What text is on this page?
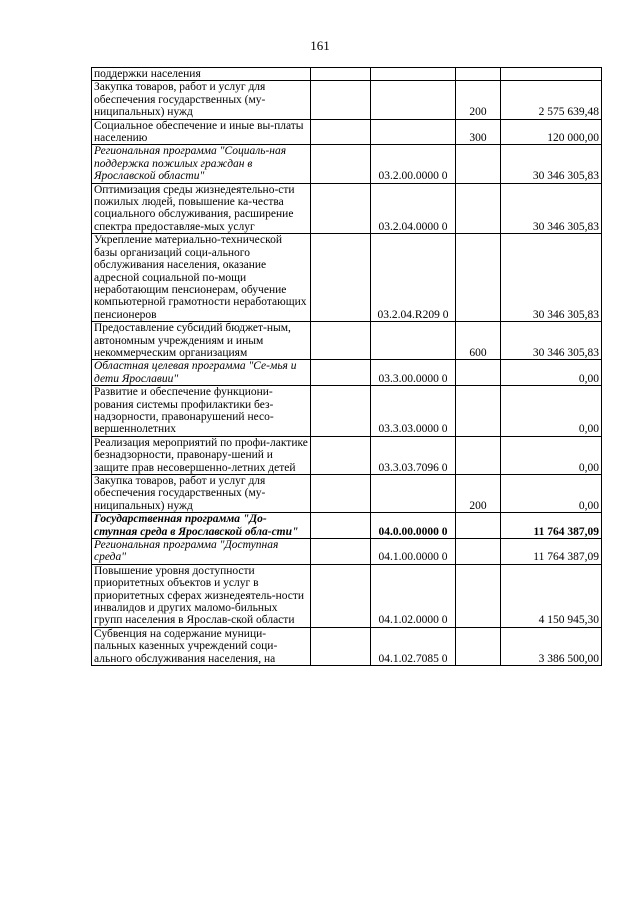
161
поддержки населения				
Закупка товаров, работ и услуг для обеспечения государственных (му-ниципальных) нужд			200	2 575 639,48
Социальное обеспечение и иные вы-платы населению			300	120 000,00
Региональная программа "Социаль-ная поддержка пожилых граждан в Ярославской области"		03.2.00.0000 0		30 346 305,83
Оптимизация среды жизнедеятельно-сти пожилых людей, повышение ка-чества социального обслуживания, расширение спектра предоставляе-мых услуг		03.2.04.0000 0		30 346 305,83
Укрепление материально-технической базы организаций соци-ального обслуживания населения, оказание адресной социальной по-мощи неработающим пенсионерам, обучение компьютерной грамотности неработающих пенсионеров		03.2.04.R209 0		30 346 305,83
Предоставление субсидий бюджет-ным, автономным учреждениям и иным некоммерческим организациям			600	30 346 305,83
Областная целевая программа "Се-мья и дети Ярославии"		03.3.00.0000 0		0,00
Развитие и обеспечение функциони-рования системы профилактики без-надзорности, правонарушений несо-вершеннолетних		03.3.03.0000 0		0,00
Реализация мероприятий по профи-лактике безнадзорности, правонару-шений и защите прав несовершенно-летних детей		03.3.03.7096 0		0,00
Закупка товаров, работ и услуг для обеспечения государственных (му-ниципальных) нужд			200	0,00
Государственная программа "До-ступная среда в Ярославской обла-сти"		04.0.00.0000 0		11 764 387,09
Региональная программа "Доступная среда"		04.1.00.0000 0		11 764 387,09
Повышение уровня доступности приоритетных объектов и услуг в приоритетных сферах жизнедеятель-ности инвалидов и других маломо-бильных групп населения в Ярослав-ской области		04.1.02.0000 0		4 150 945,30
Субвенция на содержание муници-пальных казенных учреждений соци-ального обслуживания населения, на		04.1.02.7085 0		3 386 500,00
